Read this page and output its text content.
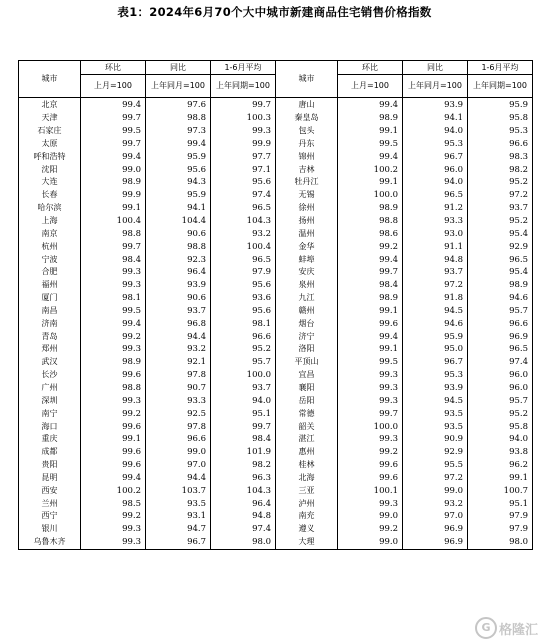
表1：2024年6月70个大中城市新建商品住宅销售价格指数
城市	环比	同比	1-6月平均	城市	环比	同比	1-6月平均
	上月=100	上年同月=100	上年同期=100		上月=100	上年同月=100	上年同期=100
北京	99.4	97.6	99.7	唐山	99.4	93.9	95.9
天津	99.7	98.8	100.3	秦皇岛	98.9	94.1	95.8
石家庄	99.5	97.3	99.3	包头	99.1	94.0	95.3
太原	99.7	99.4	99.9	丹东	99.5	95.3	96.6
呼和浩特	99.4	95.9	97.7	锦州	99.4	96.7	98.3
沈阳	99.0	95.6	97.1	吉林	100.2	96.0	98.2
大连	98.9	94.3	95.6	牡丹江	99.1	94.0	95.2
长春	99.9	95.9	97.4	无锡	100.0	96.5	97.2
哈尔滨	99.1	94.1	96.5	徐州	98.9	91.2	93.7
上海	100.4	104.4	104.3	扬州	98.8	93.3	95.2
南京	98.8	90.6	93.2	温州	98.6	93.0	95.4
杭州	99.7	98.8	100.4	金华	99.2	91.1	92.9
宁波	98.4	92.3	96.5	蚌埠	99.4	94.8	96.5
合肥	99.3	96.4	97.9	安庆	99.7	93.7	95.4
福州	99.3	93.9	95.6	泉州	98.4	97.2	98.9
厦门	98.1	90.6	93.6	九江	98.9	91.8	94.6
南昌	99.5	93.7	95.6	赣州	99.1	94.5	95.7
济南	99.4	96.8	98.1	烟台	99.6	94.6	96.6
青岛	99.2	94.4	96.6	济宁	99.4	95.9	96.9
郑州	99.3	93.2	95.2	洛阳	99.1	95.0	96.5
武汉	98.9	92.1	95.7	平顶山	99.5	96.7	97.4
长沙	99.6	97.8	100.0	宜昌	99.3	95.3	96.0
广州	98.8	90.7	93.7	襄阳	99.3	93.9	96.0
深圳	99.3	93.3	94.0	岳阳	99.3	94.5	95.7
南宁	99.2	92.5	95.1	常德	99.7	93.5	95.2
海口	99.6	97.8	99.7	韶关	100.0	93.5	95.8
重庆	99.1	96.6	98.4	湛江	99.3	90.9	94.0
成都	99.6	99.0	101.9	惠州	99.2	92.9	93.8
贵阳	99.6	97.0	98.2	桂林	99.6	95.5	96.2
昆明	99.4	94.4	96.3	北海	99.6	97.2	99.1
西安	100.2	103.7	104.3	三亚	100.1	99.0	100.7
兰州	98.5	93.5	96.4	泸州	99.3	93.2	95.1
西宁	99.2	93.1	94.8	南充	99.0	97.0	97.9
银川	99.3	94.7	97.4	遵义	99.2	96.9	97.9
乌鲁木齐	99.3	96.7	98.0	大理	99.0	96.9	98.0
G 格隆汇
